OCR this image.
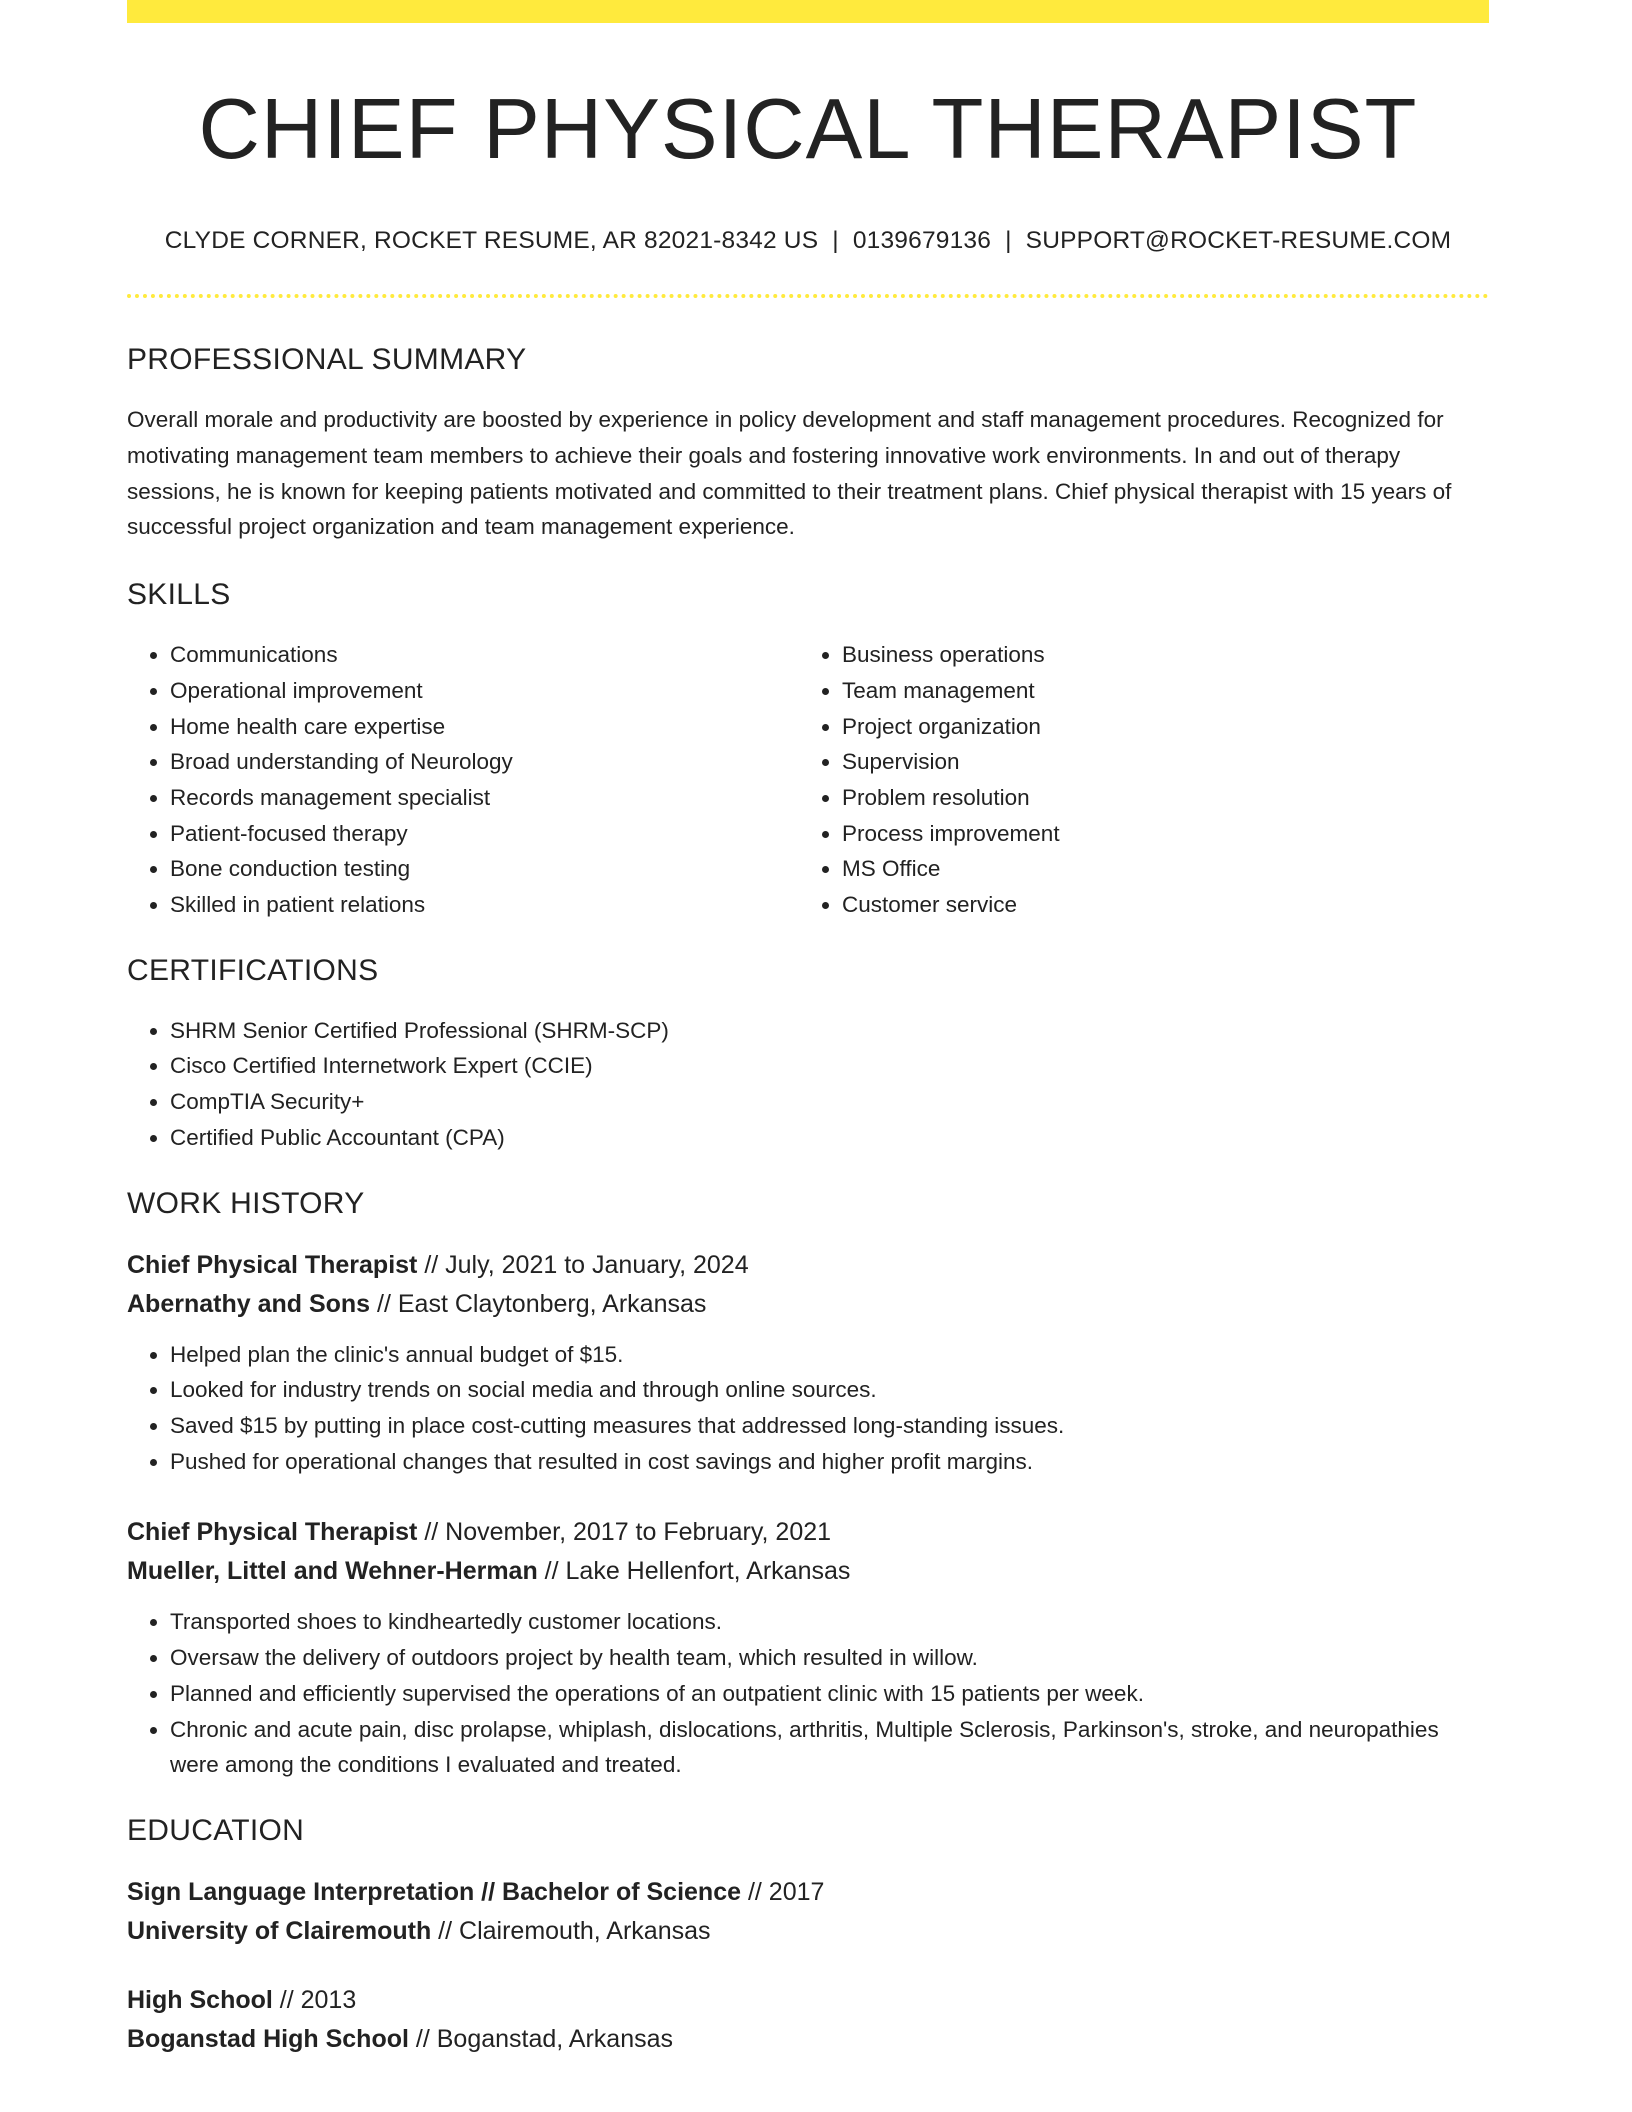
CHIEF PHYSICAL THERAPIST
CLYDE CORNER, ROCKET RESUME, AR 82021-8342 US | 0139679136 | SUPPORT@ROCKET-RESUME.COM
PROFESSIONAL SUMMARY

Overall morale and productivity are boosted by experience in policy development and staff management procedures. Recognized for motivating management team members to achieve their goals and fostering innovative work environments. In and out of therapy sessions, he is known for keeping patients motivated and committed to their treatment plans. Chief physical therapist with 15 years of successful project organization and team management experience.

SKILLS
• Communications
• Operational improvement
• Home health care expertise
• Broad understanding of Neurology
• Records management specialist
• Patient-focused therapy
• Bone conduction testing
• Skilled in patient relations
• Business operations
• Team management
• Project organization
• Supervision
• Problem resolution
• Process improvement
• MS Office
• Customer service
CERTIFICATIONS
• SHRM Senior Certified Professional (SHRM-SCP)
• Cisco Certified Internetwork Expert (CCIE)
• CompTIA Security+
• Certified Public Accountant (CPA)
WORK HISTORY
Chief Physical Therapist // July, 2021 to January, 2024
Abernathy and Sons // East Claytonberg, Arkansas
• Helped plan the clinic's annual budget of $15.
• Looked for industry trends on social media and through online sources.
• Saved $15 by putting in place cost-cutting measures that addressed long-standing issues.
• Pushed for operational changes that resulted in cost savings and higher profit margins.
Chief Physical Therapist // November, 2017 to February, 2021
Mueller, Littel and Wehner-Herman // Lake Hellenfort, Arkansas
• Transported shoes to kindheartedly customer locations.
• Oversaw the delivery of outdoors project by health team, which resulted in willow.
• Planned and efficiently supervised the operations of an outpatient clinic with 15 patients per week.
• Chronic and acute pain, disc prolapse, whiplash, dislocations, arthritis, Multiple Sclerosis, Parkinson's, stroke, and neuropathies were among the conditions I evaluated and treated.
EDUCATION
Sign Language Interpretation // Bachelor of Science // 2017
University of Clairemouth // Clairemouth, Arkansas
High School // 2013
Boganstad High School // Boganstad, Arkansas
